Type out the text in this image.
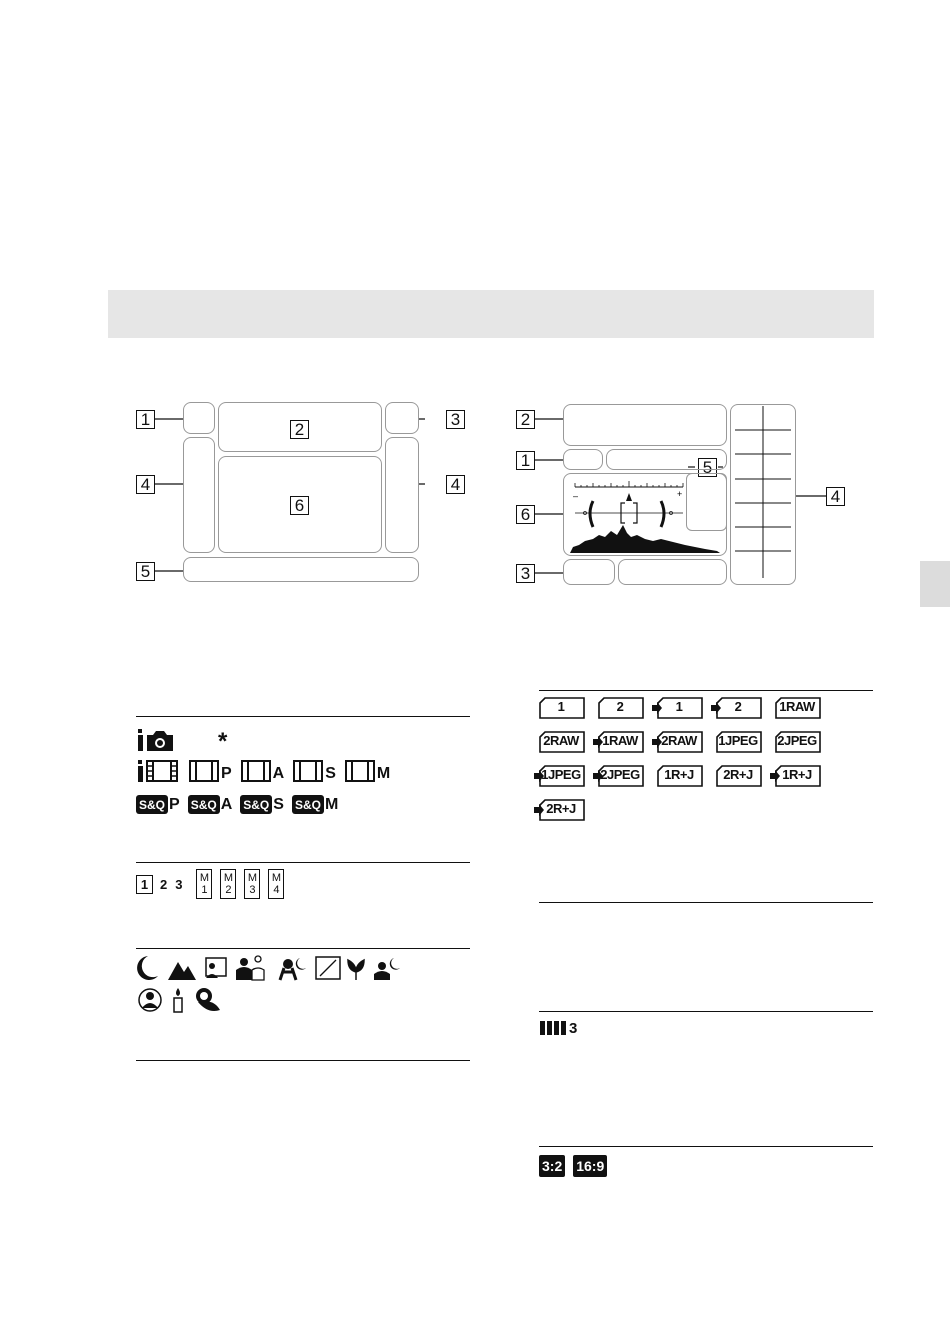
1
2
3
4	4
5
6
2
1	5
4
6
3
–	+
*
P	A	S	M
S&Q P S&Q A S&Q S S&Q M
1 2 3 M
1
M
2
M
3
M
4
1	2	1	2	1RAW
2RAW	1RAW	2RAW	1JPEG 2JPEG
1JPEG 2JPEG	1R+J	2R+J	1R+J
2R+J
3
3:2 16:9
